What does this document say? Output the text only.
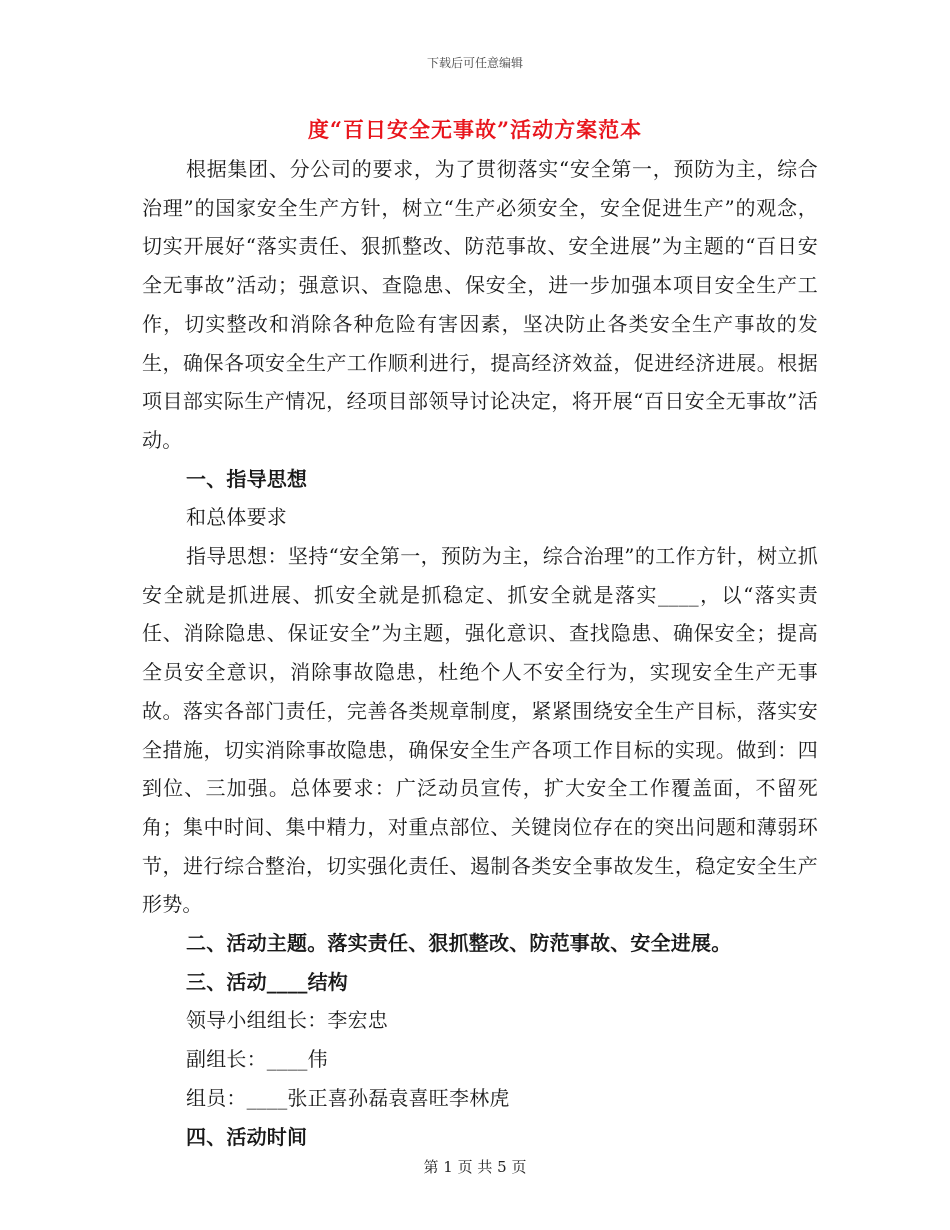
下载后可任意编辑
度“百日安全无事故”活动方案范本

根据集团、分公司的要求，为了贯彻落实“安全第一，预防为主，综合治理”的国家安全生产方针，树立“生产必须安全，安全促进生产”的观念，切实开展好“落实责任、狠抓整改、防范事故、安全进展”为主题的“百日安全无事故”活动；强意识、查隐患、保安全，进一步加强本项目安全生产工作，切实整改和消除各种危险有害因素，坚决防止各类安全生产事故的发生，确保各项安全生产工作顺利进行，提高经济效益，促进经济进展。根据项目部实际生产情况，经项目部领导讨论决定，将开展“百日安全无事故”活动。

一、指导思想

和总体要求

指导思想：坚持“安全第一，预防为主，综合治理”的工作方针，树立抓安全就是抓进展、抓安全就是抓稳定、抓安全就是落实____，以“落实责任、消除隐患、保证安全”为主题，强化意识、查找隐患、确保安全；提高全员安全意识，消除事故隐患，杜绝个人不安全行为，实现安全生产无事故。落实各部门责任，完善各类规章制度，紧紧围绕安全生产目标，落实安全措施，切实消除事故隐患，确保安全生产各项工作目标的实现。做到：四到位、三加强。总体要求：广泛动员宣传，扩大安全工作覆盖面，不留死角；集中时间、集中精力，对重点部位、关键岗位存在的突出问题和薄弱环节，进行综合整治，切实强化责任、遏制各类安全事故发生，稳定安全生产形势。

二、活动主题。落实责任、狠抓整改、防范事故、安全进展。

三、活动____结构

领导小组组长：李宏忠

副组长：____伟

组员：____张正喜孙磊袁喜旺李林虎

四、活动时间

第 1 页 共 5 页
